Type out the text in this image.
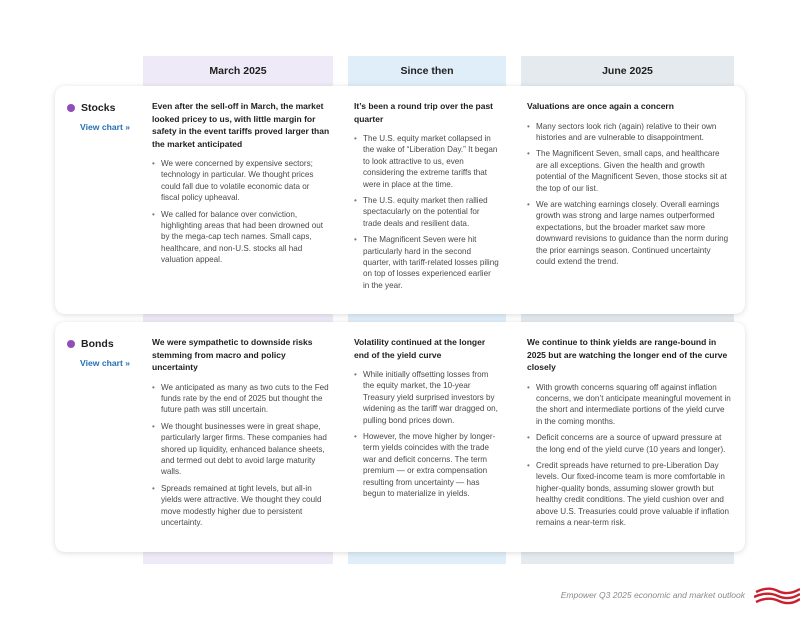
March 2025	Since then	June 2025
Stocks
View chart »
Even after the sell-off in March, the market looked pricey to us, with little margin for safety in the event tariffs proved larger than the market anticipated
• We were concerned by expensive sectors; technology in particular. We thought prices could fall due to volatile economic data or fiscal policy upheaval.
• We called for balance over conviction, highlighting areas that had been drowned out by the mega-cap tech names. Small caps, healthcare, and non-U.S. stocks all had valuation appeal.
It’s been a round trip over the past quarter
• The U.S. equity market collapsed in the wake of “Liberation Day.” It began to look attractive to us, even considering the extreme tariffs that were in place at the time.
• The U.S. equity market then rallied spectacularly on the potential for trade deals and resilient data.
• The Magnificent Seven were hit particularly hard in the second quarter, with tariff-related losses piling on top of losses experienced earlier in the year.
Valuations are once again a concern
• Many sectors look rich (again) relative to their own histories and are vulnerable to disappointment.
• The Magnificent Seven, small caps, and healthcare are all exceptions. Given the health and growth potential of the Magnificent Seven, those stocks sit at the top of our list.
• We are watching earnings closely. Overall earnings growth was strong and large names outperformed expectations, but the broader market saw more downward revisions to guidance than the norm during the prior earnings season. Continued uncertainty could extend the trend.
Bonds
View chart »
We were sympathetic to downside risks stemming from macro and policy uncertainty
• We anticipated as many as two cuts to the Fed funds rate by the end of 2025 but thought the future path was still uncertain.
• We thought businesses were in great shape, particularly larger firms. These companies had shored up liquidity, enhanced balance sheets, and termed out debt to avoid large maturity walls.
• Spreads remained at tight levels, but all-in yields were attractive. We thought they could move modestly higher due to persistent uncertainty.
Volatility continued at the longer end of the yield curve
• While initially offsetting losses from the equity market, the 10-year Treasury yield surprised investors by widening as the tariff war dragged on, pulling bond prices down.
• However, the move higher by longer-term yields coincides with the trade war and deficit concerns. The term premium — or extra compensation resulting from uncertainty — has begun to materialize in yields.
We continue to think yields are range-bound in 2025 but are watching the longer end of the curve closely
• With growth concerns squaring off against inflation concerns, we don’t anticipate meaningful movement in the short and intermediate portions of the yield curve in the coming months.
• Deficit concerns are a source of upward pressure at the long end of the yield curve (10 years and longer).
• Credit spreads have returned to pre-Liberation Day levels. Our fixed-income team is more comfortable in higher-quality bonds, assuming slower growth but healthy credit conditions. The yield cushion over and above U.S. Treasuries could prove valuable if inflation remains a near-term risk.
Empower Q3 2025 economic and market outlook
